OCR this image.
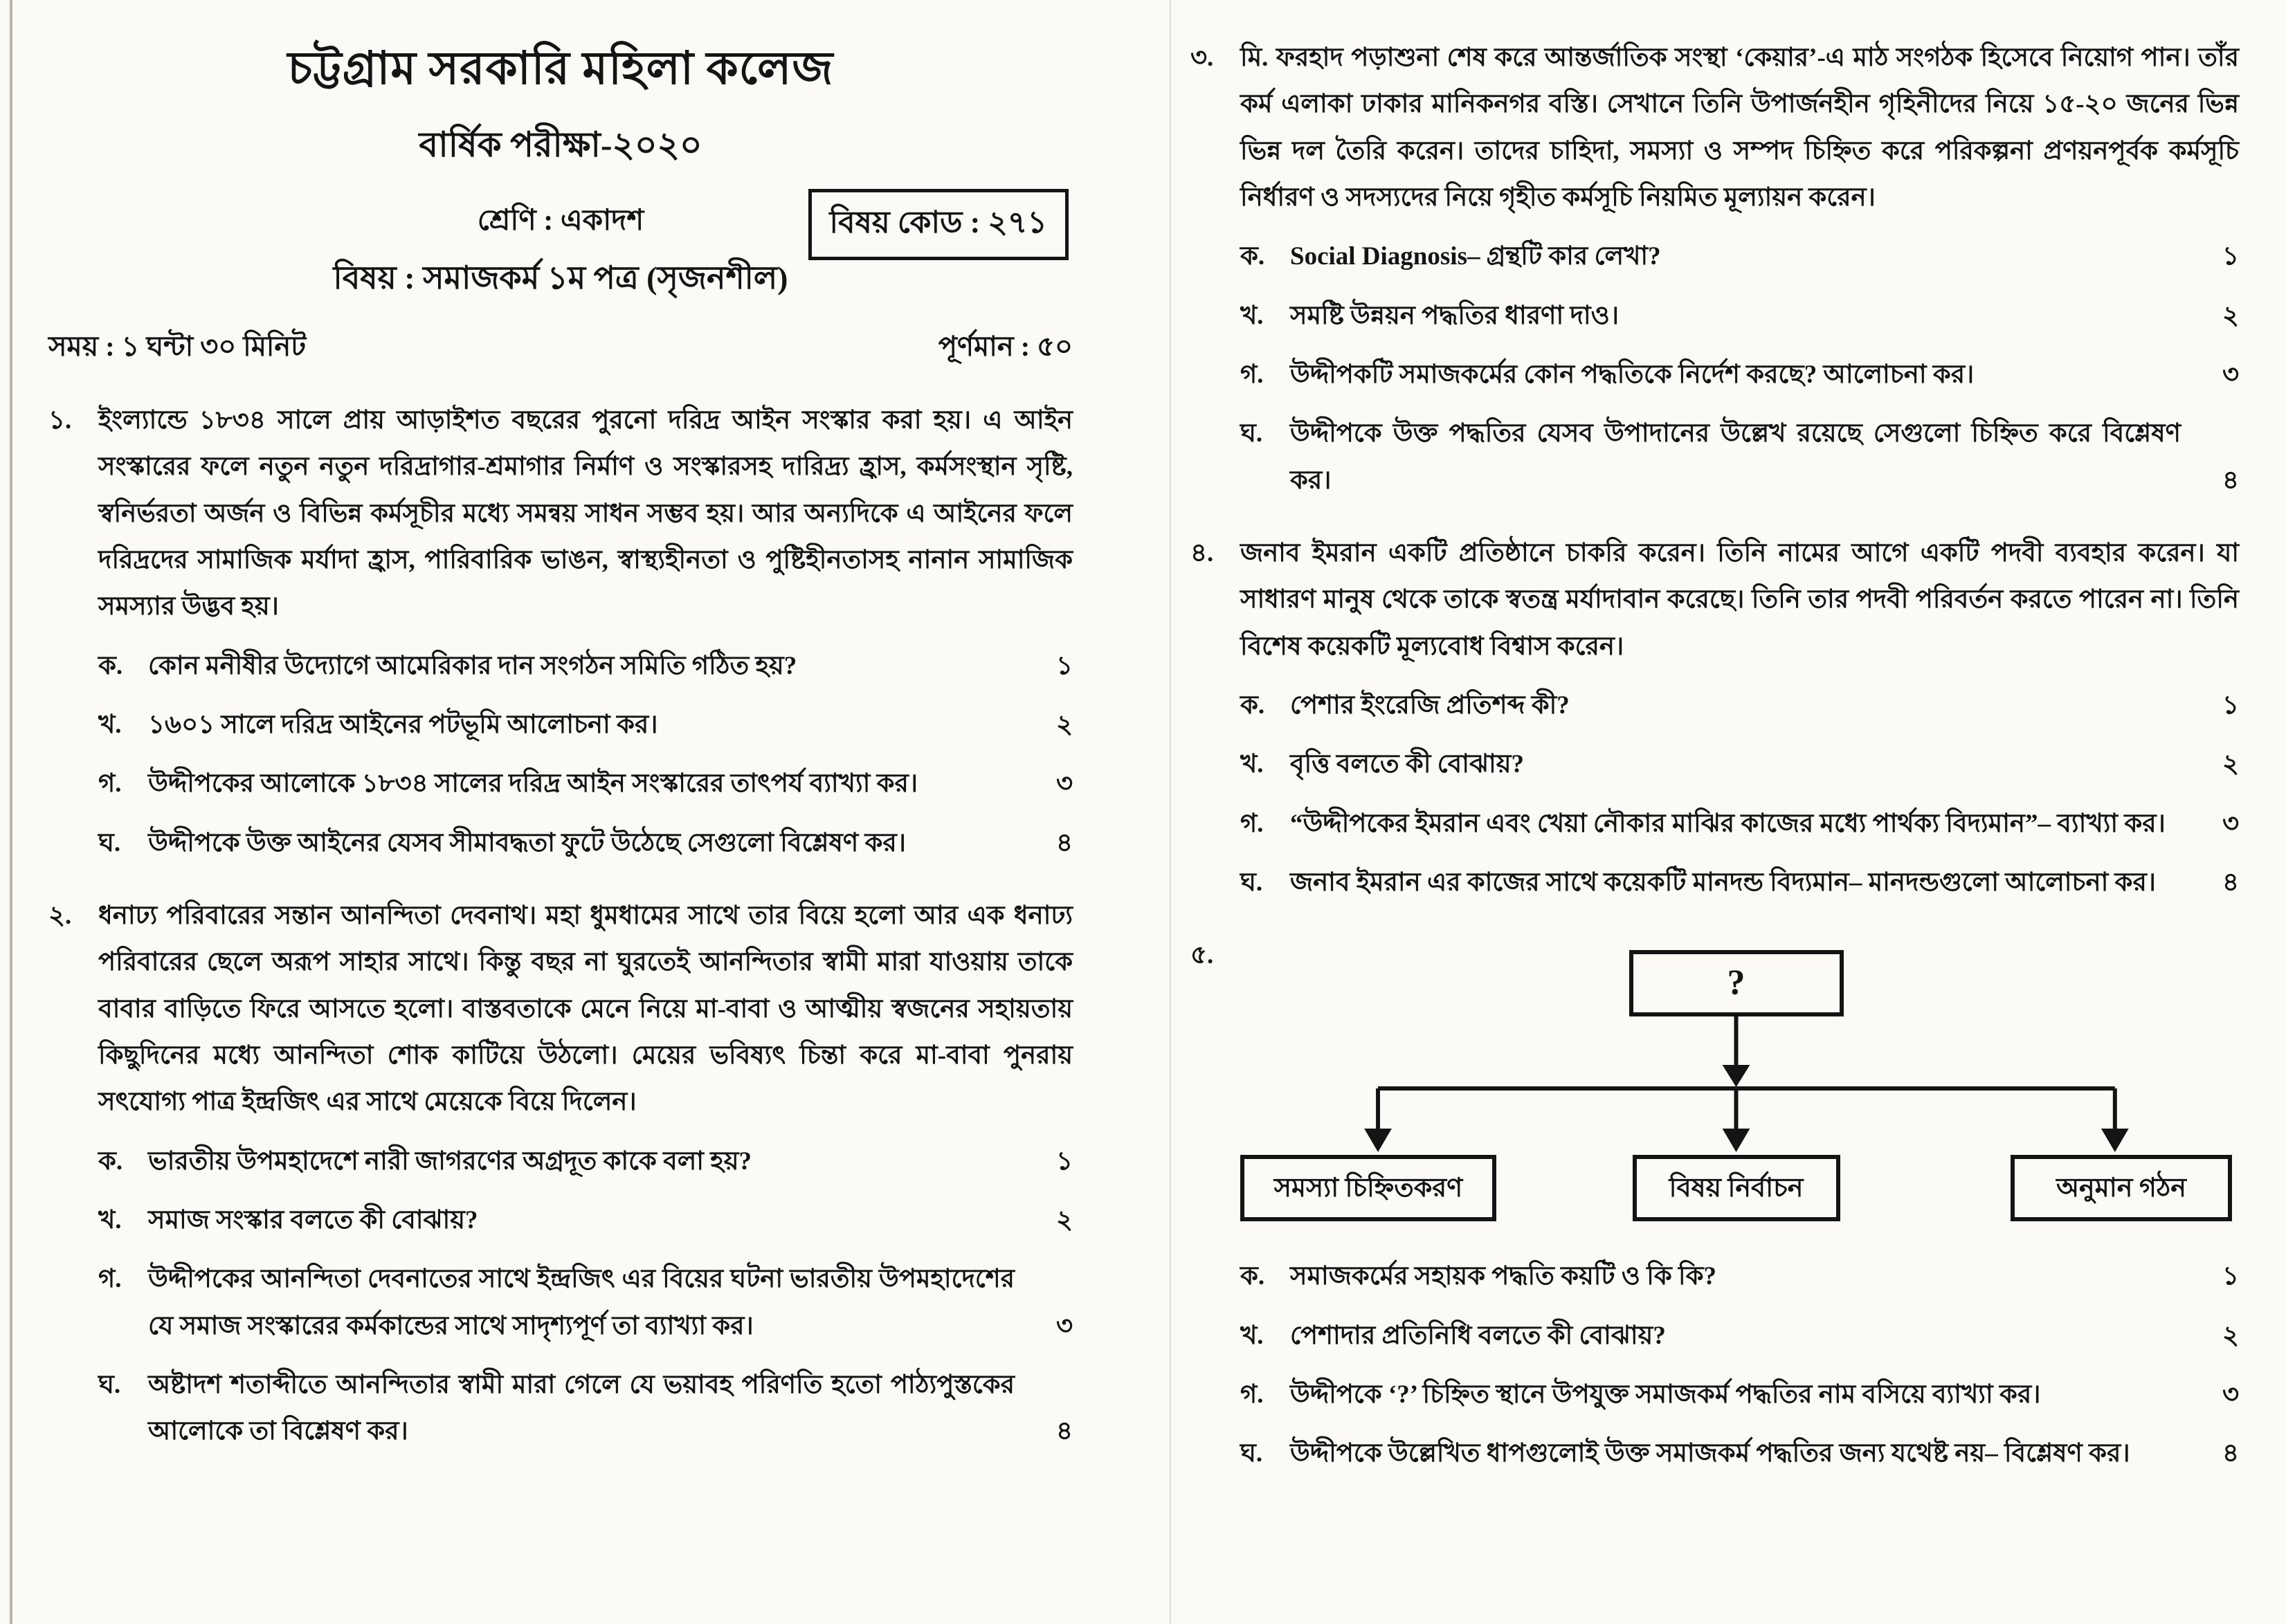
চট্টগ্রাম সরকারি মহিলা কলেজ
বার্ষিক পরীক্ষা-২০২০
শ্রেণি : একাদশ	বিষয় কোড : ২৭১
বিষয় : সমাজকর্ম ১ম পত্র (সৃজনশীল)
সময় : ১ ঘন্টা ৩০ মিনিট	পূর্ণমান : ৫০
১.	ইংল্যান্ডে ১৮৩৪ সালে প্রায় আড়াইশত বছরের পুরনো দরিদ্র আইন সংস্কার করা হয়। এ আইন সংস্কারের ফলে নতুন নতুন দরিদ্রাগার-শ্রমাগার নির্মাণ ও সংস্কারসহ দারিদ্র্য হ্রাস, কর্মসংস্থান সৃষ্টি, স্বনির্ভরতা অর্জন ও বিভিন্ন কর্মসূচীর মধ্যে সমন্বয় সাধন সম্ভব হয়। আর অন্যদিকে এ আইনের ফলে দরিদ্রদের সামাজিক মর্যাদা হ্রাস, পারিবারিক ভাঙন, স্বাস্থ্যহীনতা ও পুষ্টিহীনতাসহ নানান সামাজিক সমস্যার উদ্ভব হয়।
ক. কোন মনীষীর উদ্যোগে আমেরিকার দান সংগঠন সমিতি গঠিত হয়?	১
খ.	১৬০১ সালে দরিদ্র আইনের পটভূমি আলোচনা কর।	২
গ.	উদ্দীপকের আলোকে ১৮৩৪ সালের দরিদ্র আইন সংস্কারের তাৎপর্য ব্যাখ্যা কর।	৩
ঘ.	উদ্দীপকে উক্ত আইনের যেসব সীমাবদ্ধতা ফুটে উঠেছে সেগুলো বিশ্লেষণ কর।	৪
২.	ধনাঢ্য পরিবারের সন্তান আনন্দিতা দেবনাথ। মহা ধুমধামের সাথে তার বিয়ে হলো আর এক ধনাঢ্য পরিবারের ছেলে অরূপ সাহার সাথে। কিন্তু বছর না ঘুরতেই আনন্দিতার স্বামী মারা যাওয়ায় তাকে বাবার বাড়িতে ফিরে আসতে হলো। বাস্তবতাকে মেনে নিয়ে মা-বাবা ও আত্মীয় স্বজনের সহায়তায় কিছুদিনের মধ্যে আনন্দিতা শোক কাটিয়ে উঠলো। মেয়ের ভবিষ্যৎ চিন্তা করে মা-বাবা পুনরায় সৎযোগ্য পাত্র ইন্দ্রজিৎ এর সাথে মেয়েকে বিয়ে দিলেন।
ক. ভারতীয় উপমহাদেশে নারী জাগরণের অগ্রদূত কাকে বলা হয়?	১
খ.	সমাজ সংস্কার বলতে কী বোঝায়?	২
গ.	উদ্দীপকের আনন্দিতা দেবনাতের সাথে ইন্দ্রজিৎ এর বিয়ের ঘটনা ভারতীয় উপমহাদেশের যে সমাজ সংস্কারের কর্মকান্ডের সাথে সাদৃশ্যপূর্ণ তা ব্যাখ্যা কর।	৩
ঘ.	অষ্টাদশ শতাব্দীতে আনন্দিতার স্বামী মারা গেলে যে ভয়াবহ পরিণতি হতো পাঠ্যপুস্তকের আলোকে তা বিশ্লেষণ কর।	৪
৩.	মি. ফরহাদ পড়াশুনা শেষ করে আন্তর্জাতিক সংস্থা ‘কেয়ার’-এ মাঠ সংগঠক হিসেবে নিয়োগ পান। তাঁর কর্ম এলাকা ঢাকার মানিকনগর বস্তি। সেখানে তিনি উপার্জনহীন গৃহিনীদের নিয়ে ১৫-২০ জনের ভিন্ন ভিন্ন দল তৈরি করেন। তাদের চাহিদা, সমস্যা ও সম্পদ চিহ্নিত করে পরিকল্পনা প্রণয়নপূর্বক কর্মসূচি নির্ধারণ ও সদস্যদের নিয়ে গৃহীত কর্মসূচি নিয়মিত মূল্যায়ন করেন।
ক. Social Diagnosis– গ্রন্থটি কার লেখা?	১
খ.	সমষ্টি উন্নয়ন পদ্ধতির ধারণা দাও।	২
গ.	উদ্দীপকটি সমাজকর্মের কোন পদ্ধতিকে নির্দেশ করছে? আলোচনা কর।	৩
ঘ.	উদ্দীপকে উক্ত পদ্ধতির যেসব উপাদানের উল্লেখ রয়েছে সেগুলো চিহ্নিত করে বিশ্লেষণ কর।	৪
৪.	জনাব ইমরান একটি প্রতিষ্ঠানে চাকরি করেন। তিনি নামের আগে একটি পদবী ব্যবহার করেন। যা সাধারণ মানুষ থেকে তাকে স্বতন্ত্র মর্যাদাবান করেছে। তিনি তার পদবী পরিবর্তন করতে পারেন না। তিনি বিশেষ কয়েকটি মূল্যবোধ বিশ্বাস করেন।
ক. পেশার ইংরেজি প্রতিশব্দ কী?	১
খ.	বৃত্তি বলতে কী বোঝায়?	২
গ.	“উদ্দীপকের ইমরান এবং খেয়া নৌকার মাঝির কাজের মধ্যে পার্থক্য বিদ্যমান”– ব্যাখ্যা কর।	৩
ঘ.	জনাব ইমরান এর কাজের সাথে কয়েকটি মানদন্ড বিদ্যমান– মানদন্ডগুলো আলোচনা কর।	৪
৫.
?
সমস্যা চিহ্নিতকরণ	বিষয় নির্বাচন	অনুমান গঠন
ক. সমাজকর্মের সহায়ক পদ্ধতি কয়টি ও কি কি?	১
খ.	পেশাদার প্রতিনিধি বলতে কী বোঝায়?	২
গ.	উদ্দীপকে ‘?’ চিহ্নিত স্থানে উপযুক্ত সমাজকর্ম পদ্ধতির নাম বসিয়ে ব্যাখ্যা কর।	৩
ঘ.	উদ্দীপকে উল্লেখিত ধাপগুলোই উক্ত সমাজকর্ম পদ্ধতির জন্য যথেষ্ট নয়– বিশ্লেষণ কর।	৪
